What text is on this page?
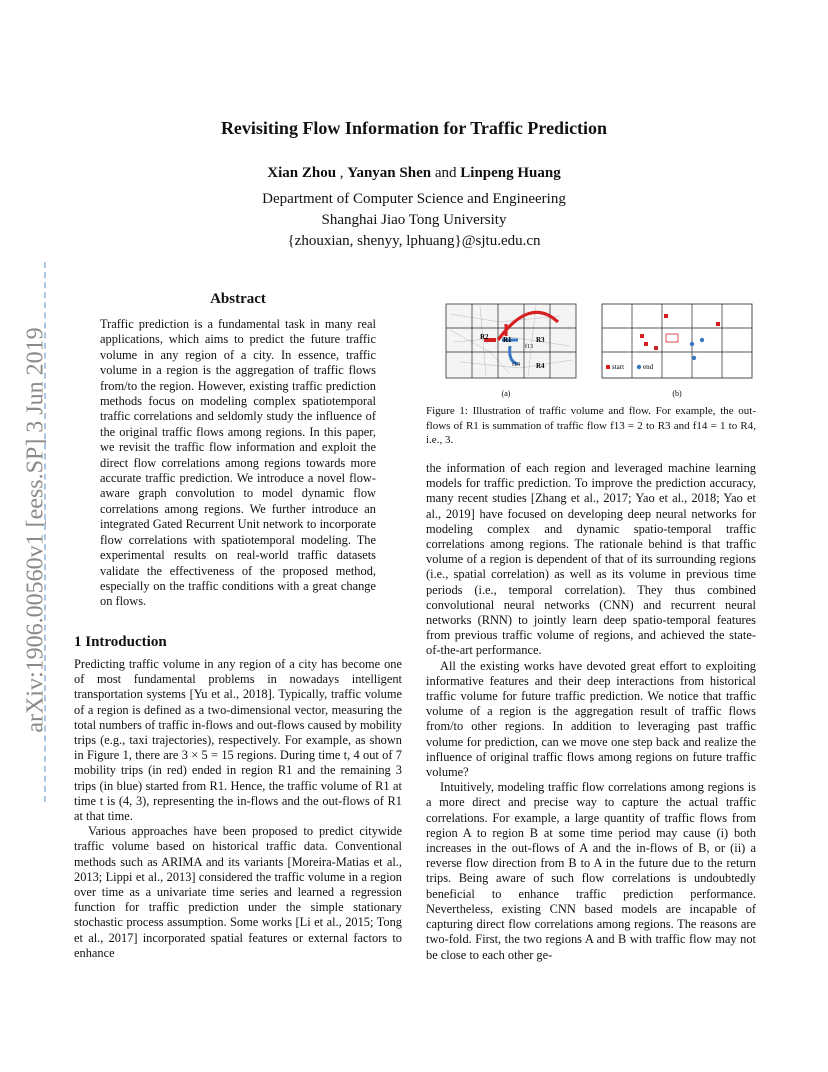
Revisiting Flow Information for Traffic Prediction
Xian Zhou , Yanyan Shen and Linpeng Huang
Department of Computer Science and Engineering
Shanghai Jiao Tong University
{zhouxian, shenyy, lphuang}@sjtu.edu.cn
arXiv:1906.00560v1 [eess.SP] 3 Jun 2019
Abstract
Traffic prediction is a fundamental task in many real applications, which aims to predict the future traffic volume in any region of a city. In essence, traffic volume in a region is the aggregation of traffic flows from/to the region. However, existing traffic prediction methods focus on modeling complex spatiotemporal traffic correlations and seldomly study the influence of the original traffic flows among regions. In this paper, we revisit the traffic flow information and exploit the direct flow correlations among regions towards more accurate traffic prediction. We introduce a novel flow-aware graph convolution to model dynamic flow correlations among regions. We further introduce an integrated Gated Recurrent Unit network to incorporate flow correlations with spatiotemporal modeling. The experimental results on real-world traffic datasets validate the effectiveness of the proposed method, especially on the traffic conditions with a great change on flows.
1 Introduction

Predicting traffic volume in any region of a city has become one of most fundamental problems in nowadays intelligent transportation systems [Yu et al., 2018]. Typically, traffic volume of a region is defined as a two-dimensional vector, measuring the total numbers of traffic in-flows and out-flows caused by mobility trips (e.g., taxi trajectories), respectively. For example, as shown in Figure 1, there are 3 × 5 = 15 regions. During time t, 4 out of 7 mobility trips (in red) ended in region R1 and the remaining 3 trips (in blue) started from R1. Hence, the traffic volume of R1 at time t is (4, 3), representing the in-flows and the out-flows of R1 at that time.

Various approaches have been proposed to predict citywide traffic volume based on historical traffic data. Conventional methods such as ARIMA and its variants [Moreira-Matias et al., 2013; Lippi et al., 2013] considered the traffic volume in a region over time as a univariate time series and learned a regression function for traffic prediction under the simple stationary stochastic process assumption. Some works [Li et al., 2015; Tong et al., 2017] incorporated spatial features or external factors to enhance

R2 R1	R3
R4
f13
f14
(a)
start	end
(b)
Figure 1: Illustration of traffic volume and flow. For example, the out-flows of R1 is summation of traffic flow f13 = 2 to R3 and f14 = 1 to R4, i.e., 3.

the information of each region and leveraged machine learning models for traffic prediction. To improve the prediction accuracy, many recent studies [Zhang et al., 2017; Yao et al., 2018; Yao et al., 2019] have focused on developing deep neural networks for modeling complex and dynamic spatio-temporal traffic correlations among regions. The rationale behind is that traffic volume of a region is dependent of that of its surrounding regions (i.e., spatial correlation) as well as its volume in previous time periods (i.e., temporal correlation). They thus combined convolutional neural networks (CNN) and recurrent neural networks (RNN) to jointly learn deep spatio-temporal features from previous traffic volume of regions, and achieved the state-of-the-art performance.

All the existing works have devoted great effort to exploiting informative features and their deep interactions from historical traffic volume for future traffic prediction. We notice that traffic volume of a region is the aggregation result of traffic flows from/to other regions. In addition to leveraging past traffic volume for prediction, can we move one step back and realize the influence of original traffic flows among regions on future traffic volume?

Intuitively, modeling traffic flow correlations among regions is a more direct and precise way to capture the actual traffic correlations. For example, a large quantity of traffic flows from region A to region B at some time period may cause (i) both increases in the out-flows of A and the in-flows of B, or (ii) a reverse flow direction from B to A in the future due to the return trips. Being aware of such flow correlations is undoubtedly beneficial to enhance traffic prediction performance. Nevertheless, existing CNN based models are incapable of capturing direct flow correlations among regions. The reasons are two-fold. First, the two regions A and B with traffic flow may not be close to each other ge-
